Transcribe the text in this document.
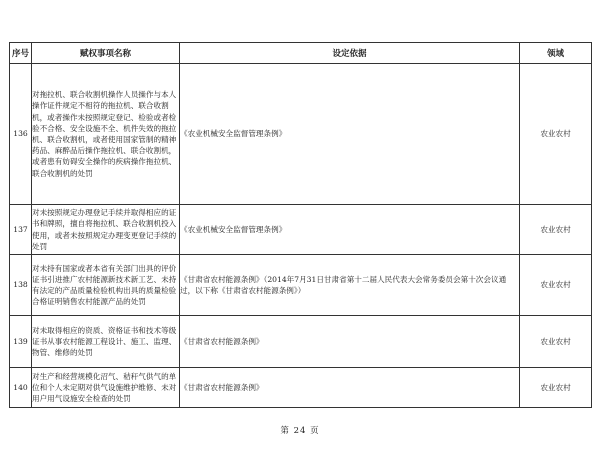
序号	赋权事项名称	设定依据	领域
136	对拖拉机、联合收割机操作人员操作与本人操作证件规定不相符的拖拉机、联合收割机，或者操作未按照规定登记、检验或者检验不合格、安全设施不全、机件失效的拖拉机、联合收割机，或者使用国家管制的精神药品、麻醉品后操作拖拉机、联合收割机，或者患有妨碍安全操作的疾病操作拖拉机、联合收割机的处罚	《农业机械安全监督管理条例》	农业农村
137	对未按照规定办理登记手续并取得相应的证书和牌照，擅自将拖拉机、联合收割机投入使用，或者未按照规定办理变更登记手续的处罚	《农业机械安全监督管理条例》	农业农村
138	对未持有国家或者本省有关部门出具的评价证书引进推广农村能源新技术新工艺、未持有法定的产品质量检验机构出具的质量检验合格证明销售农村能源产品的处罚	《甘肃省农村能源条例》（2014年7月31日甘肃省第十二届人民代表大会常务委员会第十次会议通过，以下称《甘肃省农村能源条例》）	农业农村
139	对未取得相应的资质、资格证书和技术等级证书从事农村能源工程设计、施工、监理、物管、维修的处罚	《甘肃省农村能源条例》	农业农村
140	对生产和经营规模化沼气、秸秆气供气的单位和个人未定期对供气设施维护维修、未对用户用气设施安全检查的处罚	《甘肃省农村能源条例》	农业农村
第 24 页
